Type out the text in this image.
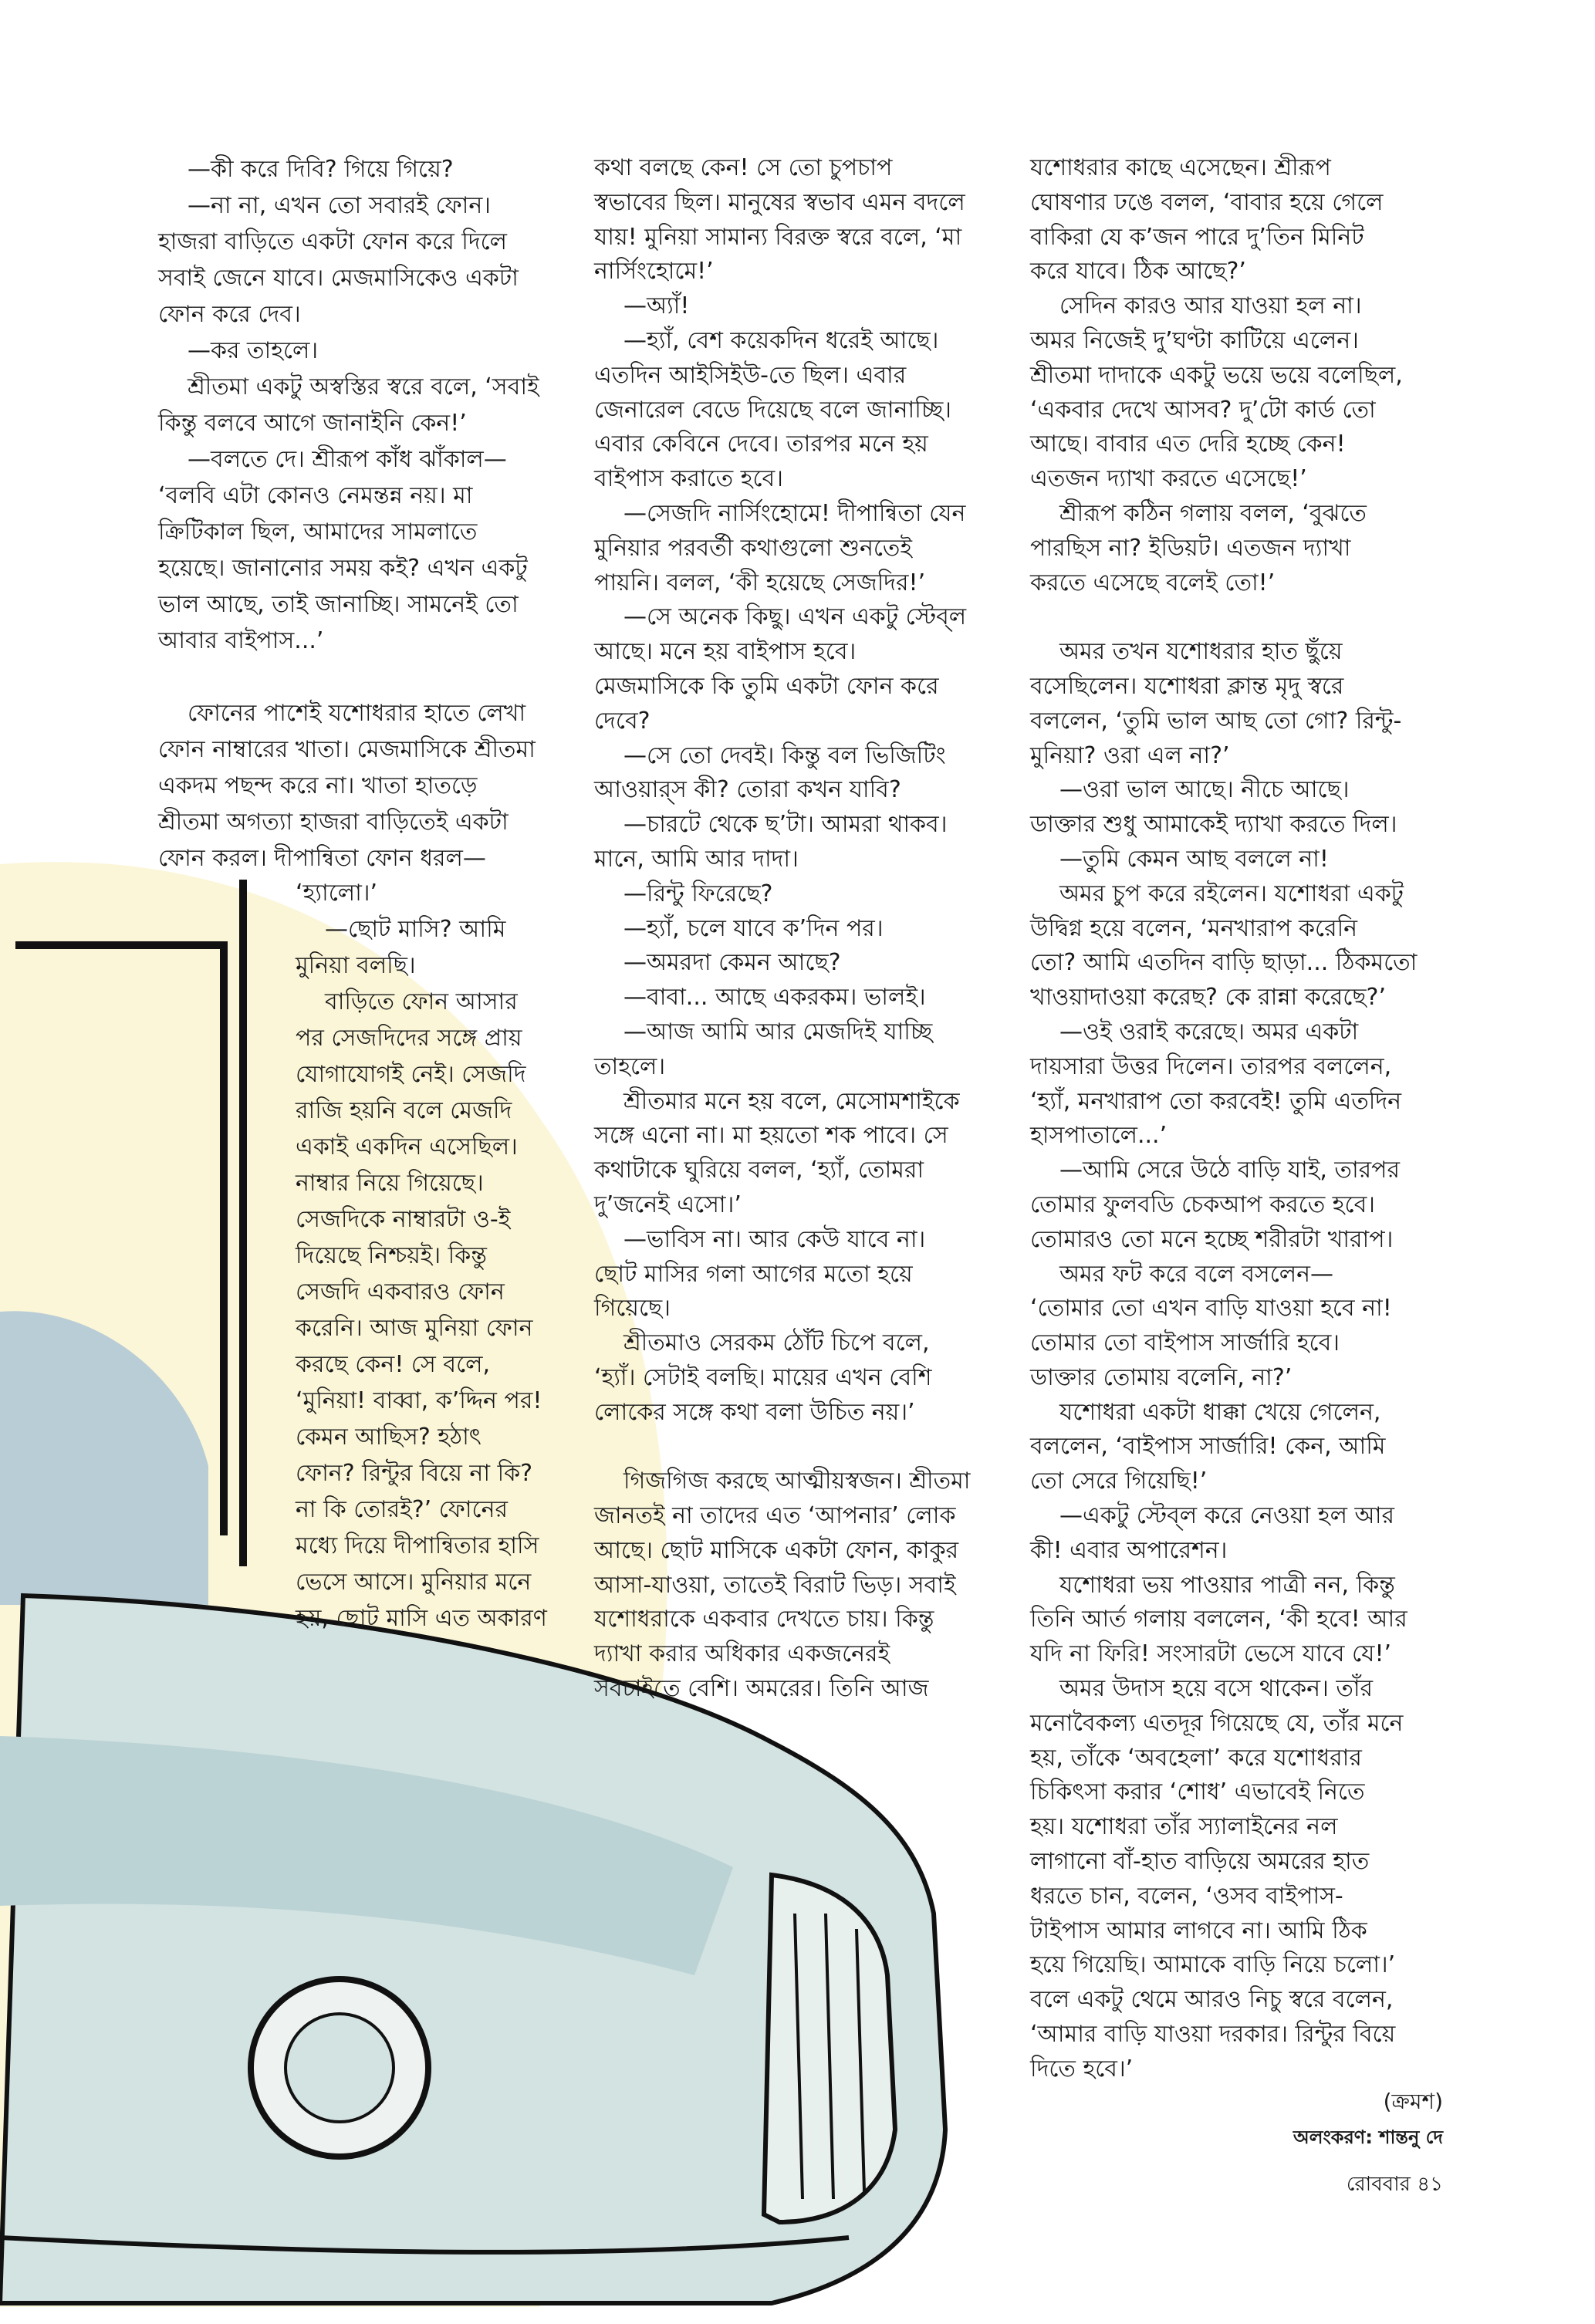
—কী করে দিবি? গিয়ে গিয়ে?
—না না, এখন তো সবারই ফোন।
হাজরা বাড়িতে একটা ফোন করে দিলে
সবাই জেনে যাবে। মেজমাসিকেও একটা
ফোন করে দেব।
—কর তাহলে।
শ্রীতমা একটু অস্বস্তির স্বরে বলে, ‘সবাই
কিন্তু বলবে আগে জানাইনি কেন!’
—বলতে দে। শ্রীরূপ কাঁধ ঝাঁকাল—
‘বলবি এটা কোনও নেমন্তন্ন নয়। মা
ক্রিটিকাল ছিল, আমাদের সামলাতে
হয়েছে। জানানোর সময় কই? এখন একটু
ভাল আছে, তাই জানাচ্ছি। সামনেই তো
আবার বাইপাস...’
ফোনের পাশেই যশোধরার হাতে লেখা
ফোন নাম্বারের খাতা। মেজমাসিকে শ্রীতমা
একদম পছন্দ করে না। খাতা হাতড়ে
শ্রীতমা অগত্যা হাজরা বাড়িতেই একটা
ফোন করল। দীপান্বিতা ফোন ধরল—
‘হ্যালো।’
—ছোট মাসি? আমি
মুনিয়া বলছি।
বাড়িতে ফোন আসার
পর সেজদিদের সঙ্গে প্রায়
যোগাযোগই নেই। সেজদি
রাজি হয়নি বলে মেজদি
একাই একদিন এসেছিল।
নাম্বার নিয়ে গিয়েছে।
সেজদিকে নাম্বারটা ও-ই
দিয়েছে নিশ্চয়ই। কিন্তু
সেজদি একবারও ফোন
করেনি। আজ মুনিয়া ফোন
করছে কেন! সে বলে,
‘মুনিয়া! বাব্বা, ক’দ্দিন পর!
কেমন আছিস? হঠাৎ
ফোন? রিন্টুর বিয়ে না কি?
না কি তোরই?’ ফোনের
মধ্যে দিয়ে দীপান্বিতার হাসি
ভেসে আসে। মুনিয়ার মনে
হয়, ছোট মাসি এত অকারণ
কথা বলছে কেন! সে তো চুপচাপ
স্বভাবের ছিল। মানুষের স্বভাব এমন বদলে
যায়! মুনিয়া সামান্য বিরক্ত স্বরে বলে, ‘মা
নার্সিংহোমে!’
—অ্যাঁ!
—হ্যাঁ, বেশ কয়েকদিন ধরেই আছে।
এতদিন আইসিইউ-তে ছিল। এবার
জেনারেল বেডে দিয়েছে বলে জানাচ্ছি।
এবার কেবিনে দেবে। তারপর মনে হয়
বাইপাস করাতে হবে।
—সেজদি নার্সিংহোমে! দীপান্বিতা যেন
মুনিয়ার পরবর্তী কথাগুলো শুনতেই
পায়নি। বলল, ‘কী হয়েছে সেজদির!’
—সে অনেক কিছু। এখন একটু স্টেব্‌ল
আছে। মনে হয় বাইপাস হবে।
মেজমাসিকে কি তুমি একটা ফোন করে
দেবে?
—সে তো দেবই। কিন্তু বল ভিজিটিং
আওয়ার্‌স কী? তোরা কখন যাবি?
—চারটে থেকে ছ’টা। আমরা থাকব।
মানে, আমি আর দাদা।
—রিন্টু ফিরেছে?
—হ্যাঁ, চলে যাবে ক’দিন পর।
—অমরদা কেমন আছে?
—বাবা... আছে একরকম। ভালই।
—আজ আমি আর মেজদিই যাচ্ছি
তাহলে।
শ্রীতমার মনে হয় বলে, মেসোমশাইকে
সঙ্গে এনো না। মা হয়তো শক পাবে। সে
কথাটাকে ঘুরিয়ে বলল, ‘হ্যাঁ, তোমরা
দু’জনেই এসো।’
—ভাবিস না। আর কেউ যাবে না।
ছোট মাসির গলা আগের মতো হয়ে
গিয়েছে।
শ্রীতমাও সেরকম ঠোঁট চিপে বলে,
‘হ্যাঁ। সেটাই বলছি। মায়ের এখন বেশি
লোকের সঙ্গে কথা বলা উচিত নয়।’
গিজগিজ করছে আত্মীয়স্বজন। শ্রীতমা
জানতই না তাদের এত ‘আপনার’ লোক
আছে। ছোট মাসিকে একটা ফোন, কাকুর
আসা-যাওয়া, তাতেই বিরাট ভিড়। সবাই
যশোধরাকে একবার দেখতে চায়। কিন্তু
দ্যাখা করার অধিকার একজনেরই
সবচাইতে বেশি। অমরের। তিনি আজ
যশোধরার কাছে এসেছেন। শ্রীরূপ
ঘোষণার ঢঙে বলল, ‘বাবার হয়ে গেলে
বাকিরা যে ক’জন পারে দু’তিন মিনিট
করে যাবে। ঠিক আছে?’
সেদিন কারও আর যাওয়া হল না।
অমর নিজেই দু’ঘণ্টা কাটিয়ে এলেন।
শ্রীতমা দাদাকে একটু ভয়ে ভয়ে বলেছিল,
‘একবার দেখে আসব? দু’টো কার্ড তো
আছে। বাবার এত দেরি হচ্ছে কেন!
এতজন দ্যাখা করতে এসেছে!’
শ্রীরূপ কঠিন গলায় বলল, ‘বুঝতে
পারছিস না? ইডিয়ট। এতজন দ্যাখা
করতে এসেছে বলেই তো!’
অমর তখন যশোধরার হাত ছুঁয়ে
বসেছিলেন। যশোধরা ক্লান্ত মৃদু স্বরে
বললেন, ‘তুমি ভাল আছ তো গো? রিন্টু-
মুনিয়া? ওরা এল না?’
—ওরা ভাল আছে। নীচে আছে।
ডাক্তার শুধু আমাকেই দ্যাখা করতে দিল।
—তুমি কেমন আছ বললে না!
অমর চুপ করে রইলেন। যশোধরা একটু
উদ্বিগ্ন হয়ে বলেন, ‘মনখারাপ করেনি
তো? আমি এতদিন বাড়ি ছাড়া... ঠিকমতো
খাওয়াদাওয়া করেছ? কে রান্না করেছে?’
—ওই ওরাই করেছে। অমর একটা
দায়সারা উত্তর দিলেন। তারপর বললেন,
‘হ্যাঁ, মনখারাপ তো করবেই! তুমি এতদিন
হাসপাতালে...’
—আমি সেরে উঠে বাড়ি যাই, তারপর
তোমার ফুলবডি চেকআপ করতে হবে।
তোমারও তো মনে হচ্ছে শরীরটা খারাপ।
অমর ফট করে বলে বসলেন—
‘তোমার তো এখন বাড়ি যাওয়া হবে না!
তোমার তো বাইপাস সার্জারি হবে।
ডাক্তার তোমায় বলেনি, না?’
যশোধরা একটা ধাক্কা খেয়ে গেলেন,
বললেন, ‘বাইপাস সার্জারি! কেন, আমি
তো সেরে গিয়েছি!’
—একটু স্টেব্‌ল করে নেওয়া হল আর
কী! এবার অপারেশন।
যশোধরা ভয় পাওয়ার পাত্রী নন, কিন্তু
তিনি আর্ত গলায় বললেন, ‘কী হবে! আর
যদি না ফিরি! সংসারটা ভেসে যাবে যে!’
অমর উদাস হয়ে বসে থাকেন। তাঁর
মনোবৈকল্য এতদূর গিয়েছে যে, তাঁর মনে
হয়, তাঁকে ‘অবহেলা’ করে যশোধরার
চিকিৎসা করার ‘শোধ’ এভাবেই নিতে
হয়। যশোধরা তাঁর স্যালাইনের নল
লাগানো বাঁ-হাত বাড়িয়ে অমরের হাত
ধরতে চান, বলেন, ‘ওসব বাইপাস-
টাইপাস আমার লাগবে না। আমি ঠিক
হয়ে গিয়েছি। আমাকে বাড়ি নিয়ে চলো।’
বলে একটু থেমে আরও নিচু স্বরে বলেন,
‘আমার বাড়ি যাওয়া দরকার। রিন্টুর বিয়ে
দিতে হবে।’
(ক্রমশ)
অলংকরণ: শান্তনু দে
রোববার ৪১
